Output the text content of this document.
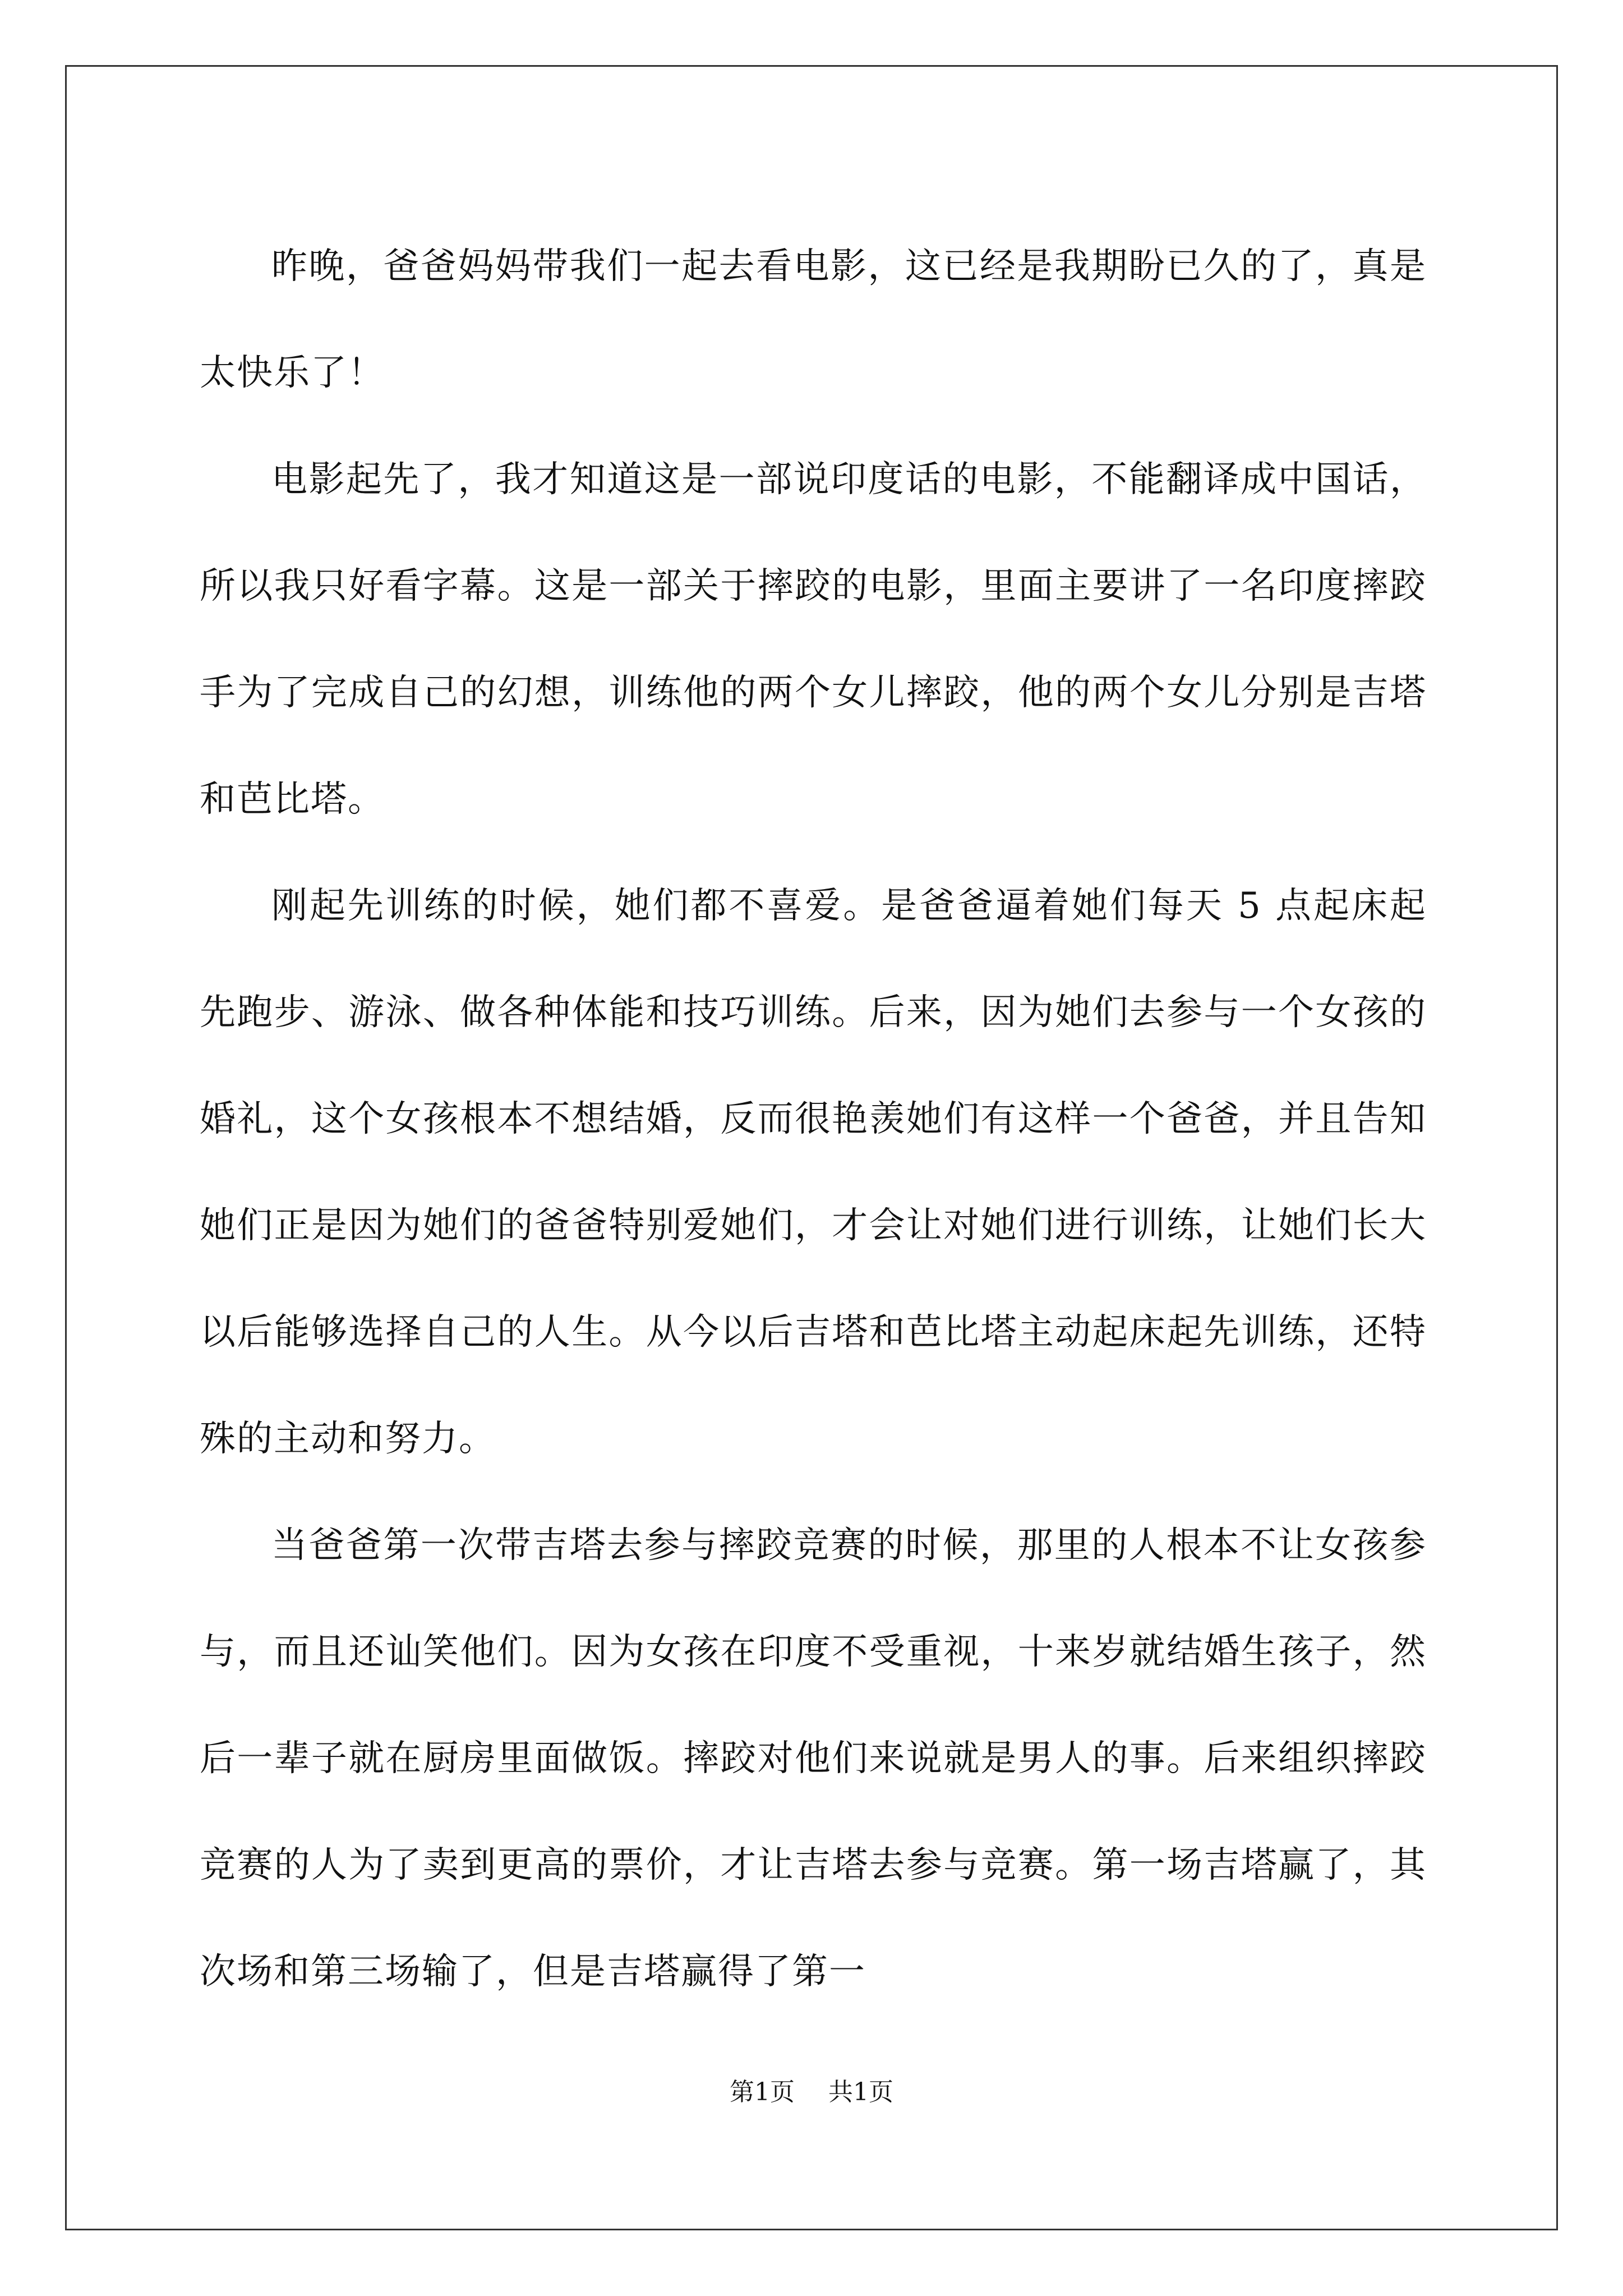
昨晚，爸爸妈妈带我们一起去看电影，这已经是我期盼已久的了，真是太快乐了！

电影起先了，我才知道这是一部说印度话的电影，不能翻译成中国话，所以我只好看字幕。这是一部关于摔跤的电影，里面主要讲了一名印度摔跤手为了完成自己的幻想，训练他的两个女儿摔跤，他的两个女儿分别是吉塔和芭比塔。

刚起先训练的时候，她们都不喜爱。是爸爸逼着她们每天 5 点起床起先跑步、游泳、做各种体能和技巧训练。后来，因为她们去参与一个女孩的婚礼，这个女孩根本不想结婚，反而很艳羡她们有这样一个爸爸，并且告知她们正是因为她们的爸爸特别爱她们，才会让对她们进行训练，让她们长大以后能够选择自己的人生。从今以后吉塔和芭比塔主动起床起先训练，还特殊的主动和努力。

当爸爸第一次带吉塔去参与摔跤竞赛的时候，那里的人根本不让女孩参与，而且还讪笑他们。因为女孩在印度不受重视，十来岁就结婚生孩子，然后一辈子就在厨房里面做饭。摔跤对他们来说就是男人的事。后来组织摔跤竞赛的人为了卖到更高的票价，才让吉塔去参与竞赛。第一场吉塔赢了，其次场和第三场输了，但是吉塔赢得了第一

第1页 共1页
